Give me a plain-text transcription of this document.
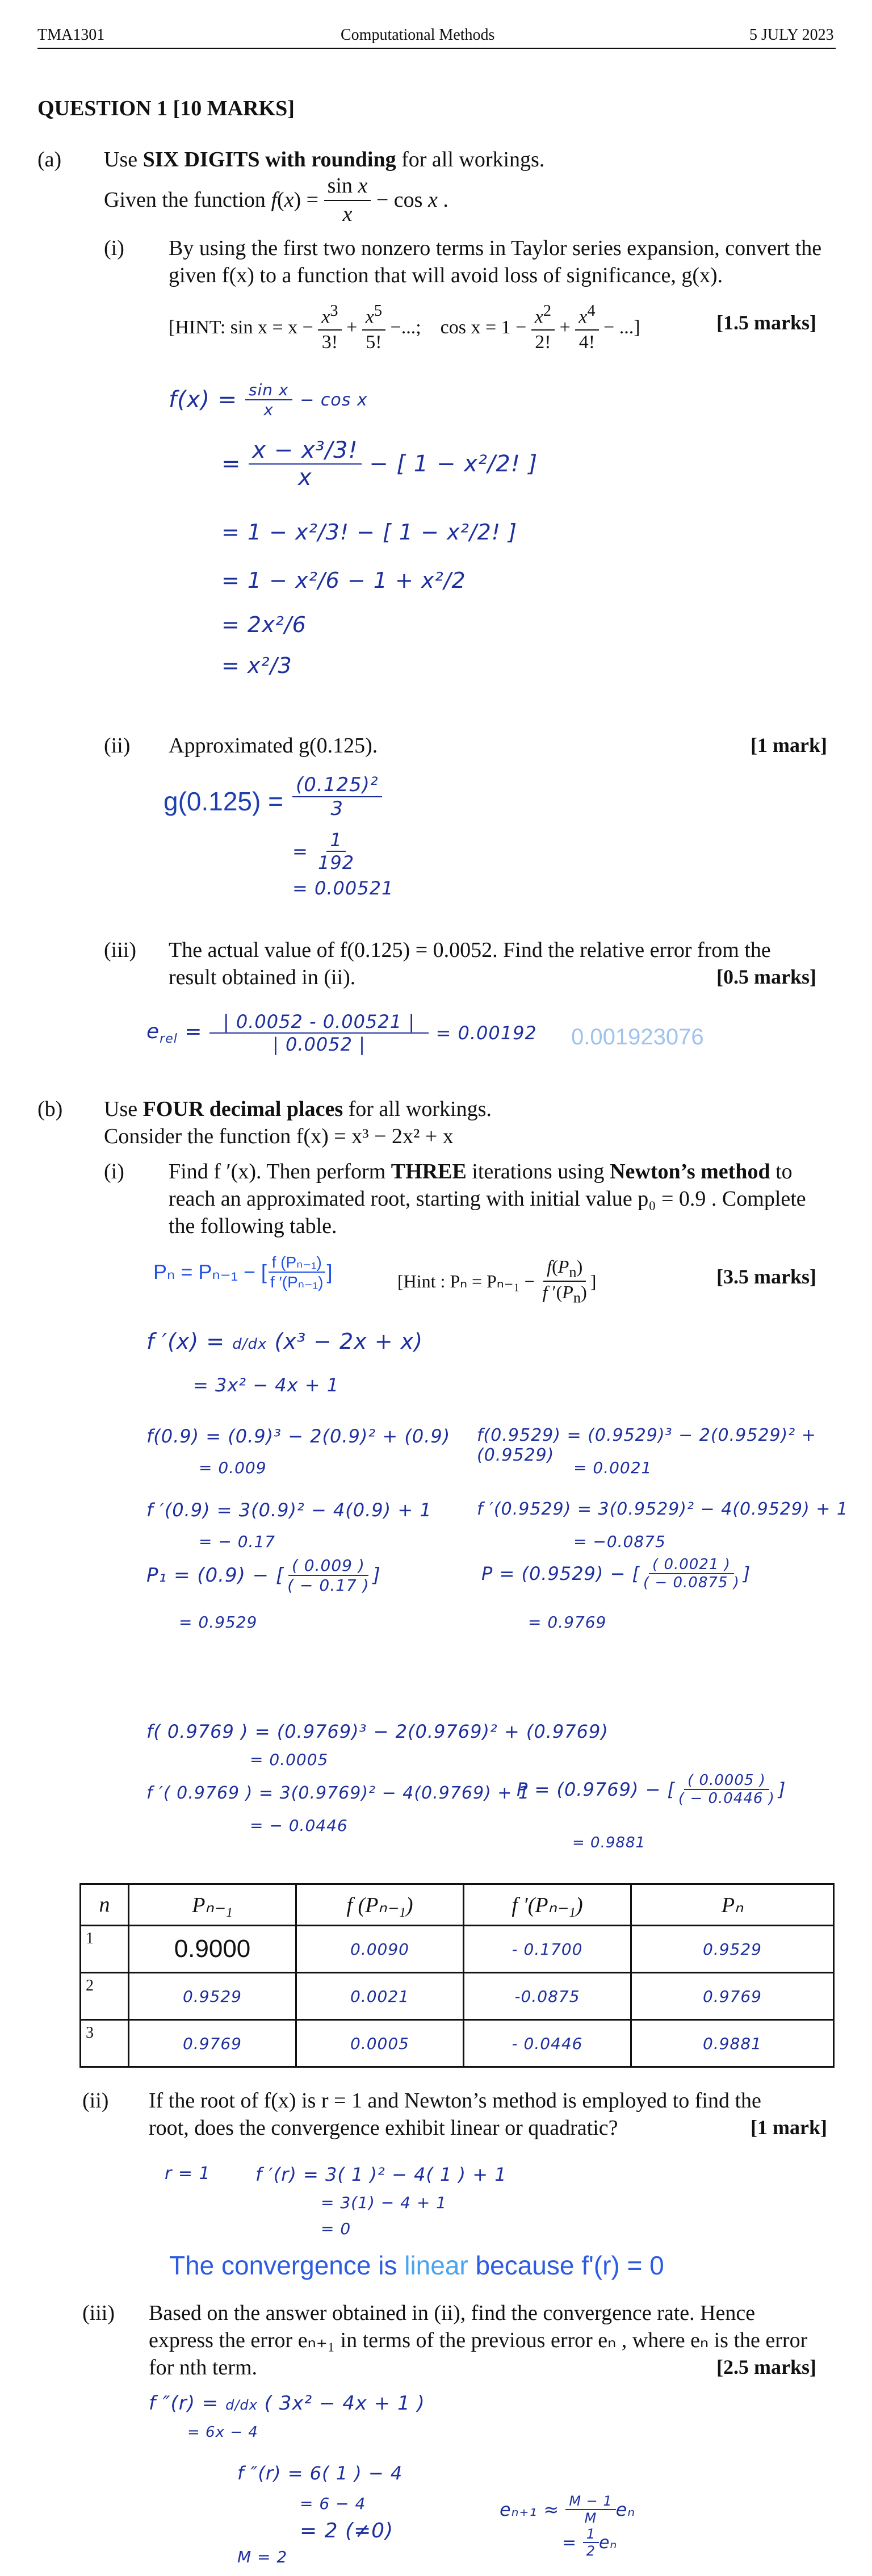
TMA1301	Computational Methods	5 JULY 2023
QUESTION 1 [10 MARKS]
(a) Use SIX DIGITS with rounding for all workings.
Given the function f $(x) = \frac{\text{sin x}}{x} - \cos x$ .
(i) By using the first two nonzero terms in Taylor series expansion, convert the
given f(x) to a function that will avoid loss of significance, g(x).
[HINT:
sin x = x −
$\frac{x^3}{3!} + \frac{x^5}{5!}$ −...; cos x = 1 −
$\frac{x^2}{2!} + \frac{x^4}{4!}$ − ...]	[1.5 marks]
f(x) =
$\frac{\text{sin x}}{x}$
− cos x
= $\frac{\text{x − x³/3!}}{x}$
−
[ 1 − x²/2! ]
= 1 − x²/3! − [ 1 − x²/2! ]
= 1 − x²/6 − 1 + x²/2
= 2x²/6
= x²/3
(ii) Approximated g(0.125).	[1 mark]
$g(0.125) = \frac{\text{(0.125)²}}{3}$
= $\frac{1}{192}$
= 0.00521
(iii) The actual value of f(0.125) = 0.0052. Find the relative error from the
result obtained in (ii).	[0.5 marks]
$e_{rel} = \frac{| 0.0052 - 0.00521 |}{| 0.0052 |}$
= 0.00192 0.001923076
(b) Use FOUR decimal places for all workings.
Consider the function f(x) = x³ − 2x² + x
(i) Find f ′(x). Then perform THREE iterations using Newton’s method to
reach an approximated root, starting with initial value p₀ = 0.9 . Complete
the following table.
Pₙ = Pₙ₋₁ − [ $\frac{\text{f (Pₙ₋₁)}}{\text{f ′(Pₙ₋₁)}}$ ]	[Hint : Pₙ = Pₙ₋₁ −
$\frac{f(P_n)}{f '(P_n)}$ ]	[3.5 marks]
f ′(x) = d/dx (x³ − 2x + x)
= 3x² − 4x + 1
f(0.9) = (0.9)³ − 2(0.9)² + (0.9)
= 0.009
f ′(0.9) = 3(0.9)² − 4(0.9) + 1
= − 0.17
P₁ = (0.9) − [ $\frac{( 0.009 )}{( - 0.17 )}$ ]
= 0.9529
f(0.9529) = (0.9529)³ − 2(0.9529)² + (0.9529)
= 0.0021
f ′(0.9529) = 3(0.9529)² − 4(0.9529) + 1
= −0.0875
P = (0.9529) − [ $\frac{( 0.0021 )}{( - 0.0875 )}$ ]
= 0.9769
f( 0.9769 ) = (0.9769)³ − 2(0.9769)² + (0.9769)
= 0.0005
f ′( 0.9769 ) = 3(0.9769)² − 4(0.9769) + 1
= − 0.0446
P = (0.9769) − [ $\frac{( 0.0005 )}{( - 0.0446 )}$ ]
= 0.9881
n	Pₙ₋₁	f (Pₙ₋₁)	f ′(Pₙ₋₁)	Pₙ
1	0.9000	0.0090	- 0.1700	0.9529
2	0.9529	0.0021	-0.0875	0.9769
3	0.9769	0.0005	- 0.0446	0.9881
(ii) If the root of f(x) is r = 1 and Newton’s method is employed to find the
root, does the convergence exhibit linear or quadratic?	[1 mark]
r = 1 f ′(r) = 3( 1 )² − 4( 1 ) + 1
= 3(1) − 4 + 1
= 0
The convergence is linear because f'(r) = 0
(iii) Based on the answer obtained in (ii), find the convergence rate. Hence
express the error eₙ₊₁ in terms of the previous error eₙ , where eₙ is the error
for nth term.	[2.5 marks]
f ″(r) = d/dx ( 3x² − 4x + 1 )
= 6x − 4
f ″(r) = 6( 1 ) − 4
= 6 − 4
= 2 (≠0)
M = 2
eₙ₊₁ ≈
$\frac{M - 1}{M}$ eₙ
=
$\frac{1}{2}$ eₙ
